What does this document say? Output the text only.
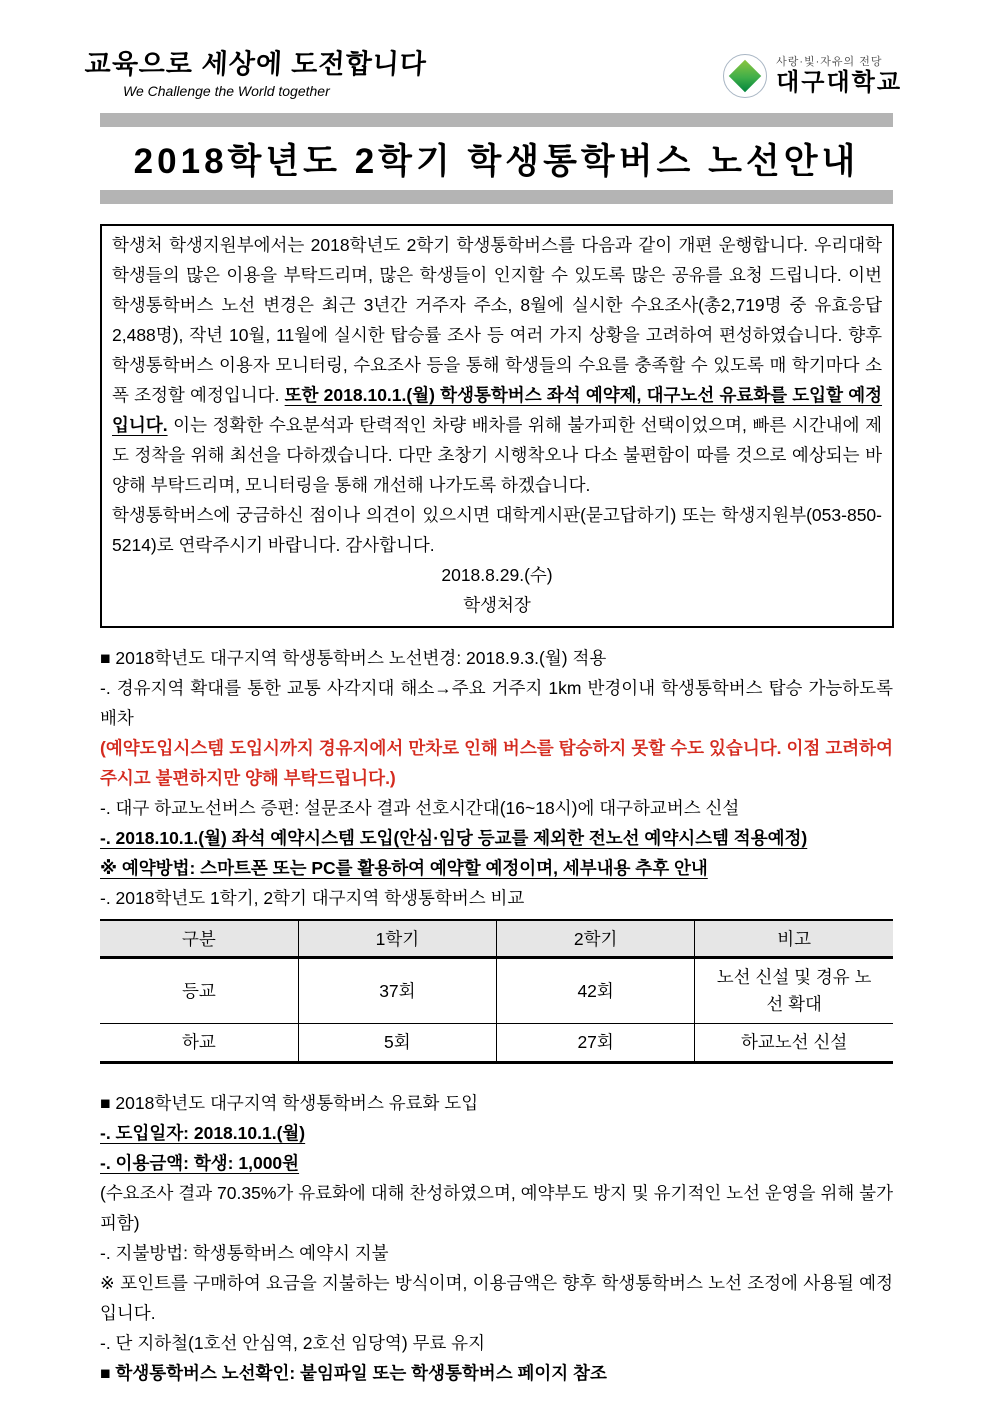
교육으로 세상에 도전합니다
We Challenge the World together
사랑·빛·자유의 전당
대구대학교
2018학년도 2학기 학생통학버스 노선안내
학생처 학생지원부에서는 2018학년도 2학기 학생통학버스를 다음과 같이 개편 운행합니다. 우리대학 학생들의 많은 이용을 부탁드리며, 많은 학생들이 인지할 수 있도록 많은 공유를 요청 드립니다. 이번 학생통학버스 노선 변경은 최근 3년간 거주자 주소, 8월에 실시한 수요조사(총2,719명 중 유효응답 2,488명), 작년 10월, 11월에 실시한 탑승률 조사 등 여러 가지 상황을 고려하여 편성하였습니다. 향후 학생통학버스 이용자 모니터링, 수요조사 등을 통해 학생들의 수요를 충족할 수 있도록 매 학기마다 소폭 조정할 예정입니다. 또한 2018.10.1.(월) 학생통학버스 좌석 예약제, 대구노선 유료화를 도입할 예정입니다. 이는 정확한 수요분석과 탄력적인 차량 배차를 위해 불가피한 선택이었으며, 빠른 시간내에 제도 정착을 위해 최선을 다하겠습니다. 다만 초창기 시행착오나 다소 불편함이 따를 것으로 예상되는 바 양해 부탁드리며, 모니터링을 통해 개선해 나가도록 하겠습니다.
학생통학버스에 궁금하신 점이나 의견이 있으시면 대학게시판(묻고답하기) 또는 학생지원부(053-850-5214)로 연락주시기 바랍니다. 감사합니다.
2018.8.29.(수)
학생처장
■ 2018학년도 대구지역 학생통학버스 노선변경: 2018.9.3.(월) 적용
-. 경유지역 확대를 통한 교통 사각지대 해소→주요 거주지 1km 반경이내 학생통학버스 탑승 가능하도록 배차
(예약도입시스템 도입시까지 경유지에서 만차로 인해 버스를 탑승하지 못할 수도 있습니다. 이점 고려하여 주시고 불편하지만 양해 부탁드립니다.)
-. 대구 하교노선버스 증편: 설문조사 결과 선호시간대(16~18시)에 대구하교버스 신설
-. 2018.10.1.(월) 좌석 예약시스템 도입(안심·임당 등교를 제외한 전노선 예약시스템 적용예정)
※ 예약방법: 스마트폰 또는 PC를 활용하여 예약할 예정이며, 세부내용 추후 안내
-. 2018학년도 1학기, 2학기 대구지역 학생통학버스 비교
구분	1학기	2학기	비고
등교	37회	42회	노선 신설 및 경유 노선 확대
하교	5회	27회	하교노선 신설
■ 2018학년도 대구지역 학생통학버스 유료화 도입
-. 도입일자: 2018.10.1.(월)
-. 이용금액: 학생: 1,000원
(수요조사 결과 70.35%가 유료화에 대해 찬성하였으며, 예약부도 방지 및 유기적인 노선 운영을 위해 불가피함)
-. 지불방법: 학생통학버스 예약시 지불
※ 포인트를 구매하여 요금을 지불하는 방식이며, 이용금액은 향후 학생통학버스 노선 조정에 사용될 예정입니다.
-. 단 지하철(1호선 안심역, 2호선 임당역) 무료 유지
■ 학생통학버스 노선확인: 붙임파일 또는 학생통학버스 페이지 참조
